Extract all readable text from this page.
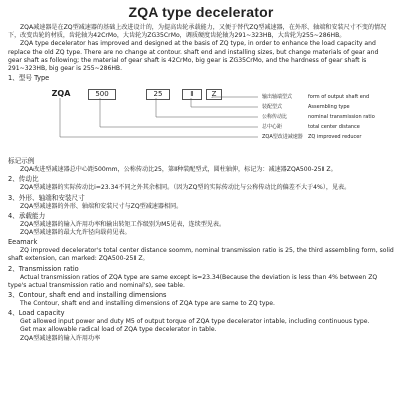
ZQA type decelerator

ZQA减速器是在ZQ型减速器的基础上改进设计的，为提高齿轮承载能力，又便于替代ZQ型减速器，在外形、轴端和安装尺寸不变的情况下，改变齿轮的材质，齿轮轴为42CrMo，大齿轮为ZG35CrMo，调质硬度齿轮轴为291~323HB，大齿轮为255~286HB。

ZQA type decelerator has improved and designed at the basis of ZQ type, in order to enhance the load capacity and replace the old ZQ type. There are no change at contour. shaft end and installing sizes, but change materials of gear and gear shaft as following; the material of gear shaft is 42CrMo, big gear is ZG35CrMo, and the hardness of gear shaft is 291~323HB, big gear is 255~286HB.

1、型号 Type
ZQA	500	25	Ⅱ	Z	输出轴端型式
装配型式
公称传动比
总中心距
ZQA型改进减速器
form of output shaft end
Assembling type
nominal transmission ratio
total center distance
ZQ improved reducer
标记示例

ZQA改进型减速器总中心距500mm，公称传动比25，第Ⅱ种装配型式，圆柱轴伸，标记为：减速器ZQA500-25Ⅱ Z。

2、传动比

ZQA型减速器的实际传动比i=23.34不同之外其余相同。（因为ZQ型的实际传动比与公称传动比的偏差不大于4%），见表。

3、外形、轴端和安装尺寸

ZQA型减速器的外形、轴端和安装尺寸与ZQ型减速器相同。

4、承载能力

ZQA型减速器的输入许用功率和输出转矩工作级别为M5见表，连续型见表。

ZQA型减速器的最大允许径向载荷见表。

Eeamark

ZQ improved decelerator's total center distance soomm, nominal transmission ratio is 25, the third assembling form, solid shaft extension, can marked: ZQA500-25Ⅱ Z。

2、Transmission ratio

Actual transmission ratios of ZQA type are same except is=23.34(Because the deviation is less than 4% between ZQ type's actual transmission ratio and nominal's), see table.

3、Contour, shaft end and installing dimensions

The Contour, shaft end and installing dimensions of ZQA type are same to ZQ type.

4、Load capacity

Get allowed input power and duty M5 of output torque of ZQA type decelerator intable, including continuous type.

Get max allowable radical load of ZQA type decelerator in table.

ZQA型减速器的输入许用功率
